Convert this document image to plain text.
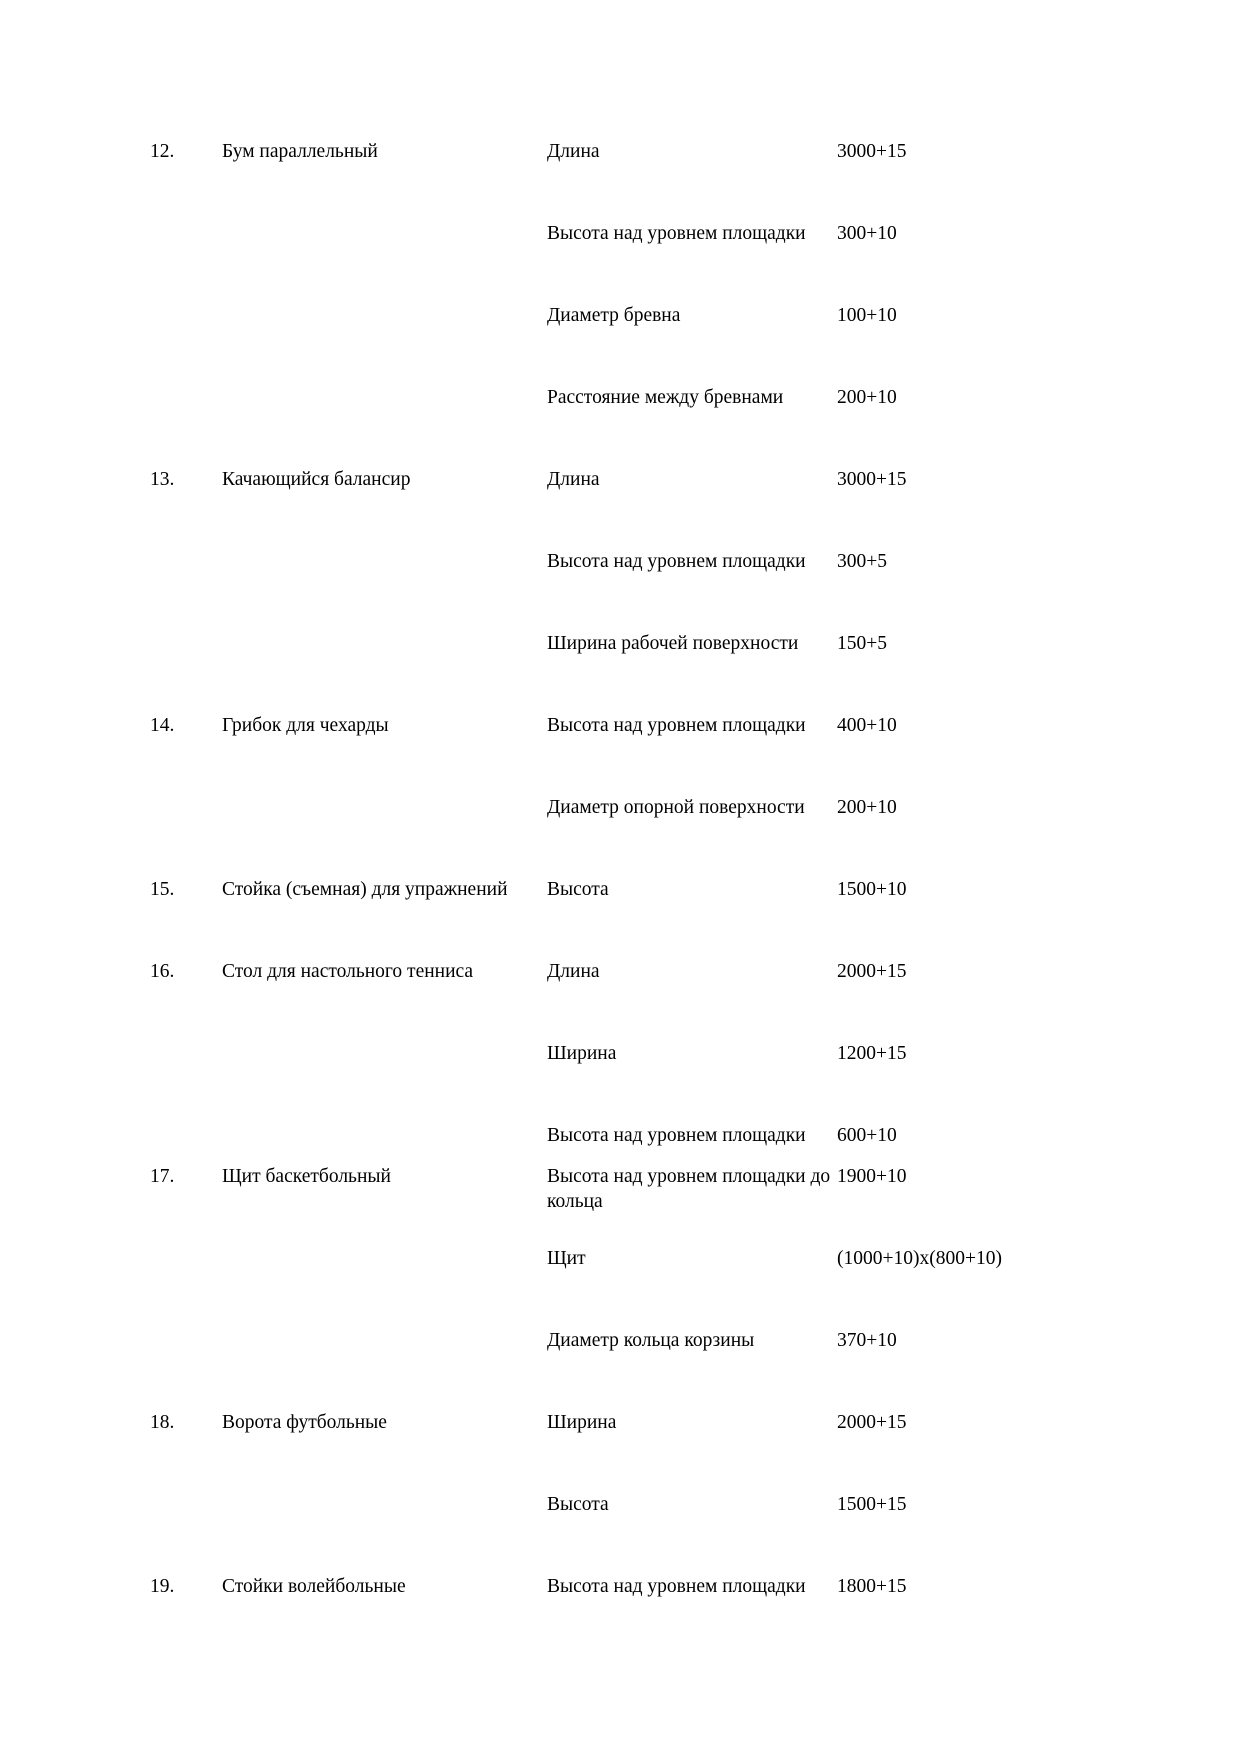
12.	Бум параллельный	Длина	3000+15
		Высота над уровнем площадки	300+10
		Диаметр бревна	100+10
		Расстояние между бревнами	200+10
13.	Качающийся балансир	Длина	3000+15
		Высота над уровнем площадки	300+5
		Ширина рабочей поверхности	150+5
14.	Грибок для чехарды	Высота над уровнем площадки	400+10
		Диаметр опорной поверхности	200+10
15.	Стойка (съемная) для упражнений	Высота	1500+10
16.	Стол для настольного тенниса	Длина	2000+15
		Ширина	1200+15
		Высота над уровнем площадки	600+10
17.	Щит баскетбольный	Высота над уровнем площадки до кольца	1900+10
		Щит	(1000+10)х(800+10)
		Диаметр кольца корзины	370+10
18.	Ворота футбольные	Ширина	2000+15
		Высота	1500+15
19.	Стойки волейбольные	Высота над уровнем площадки	1800+15
